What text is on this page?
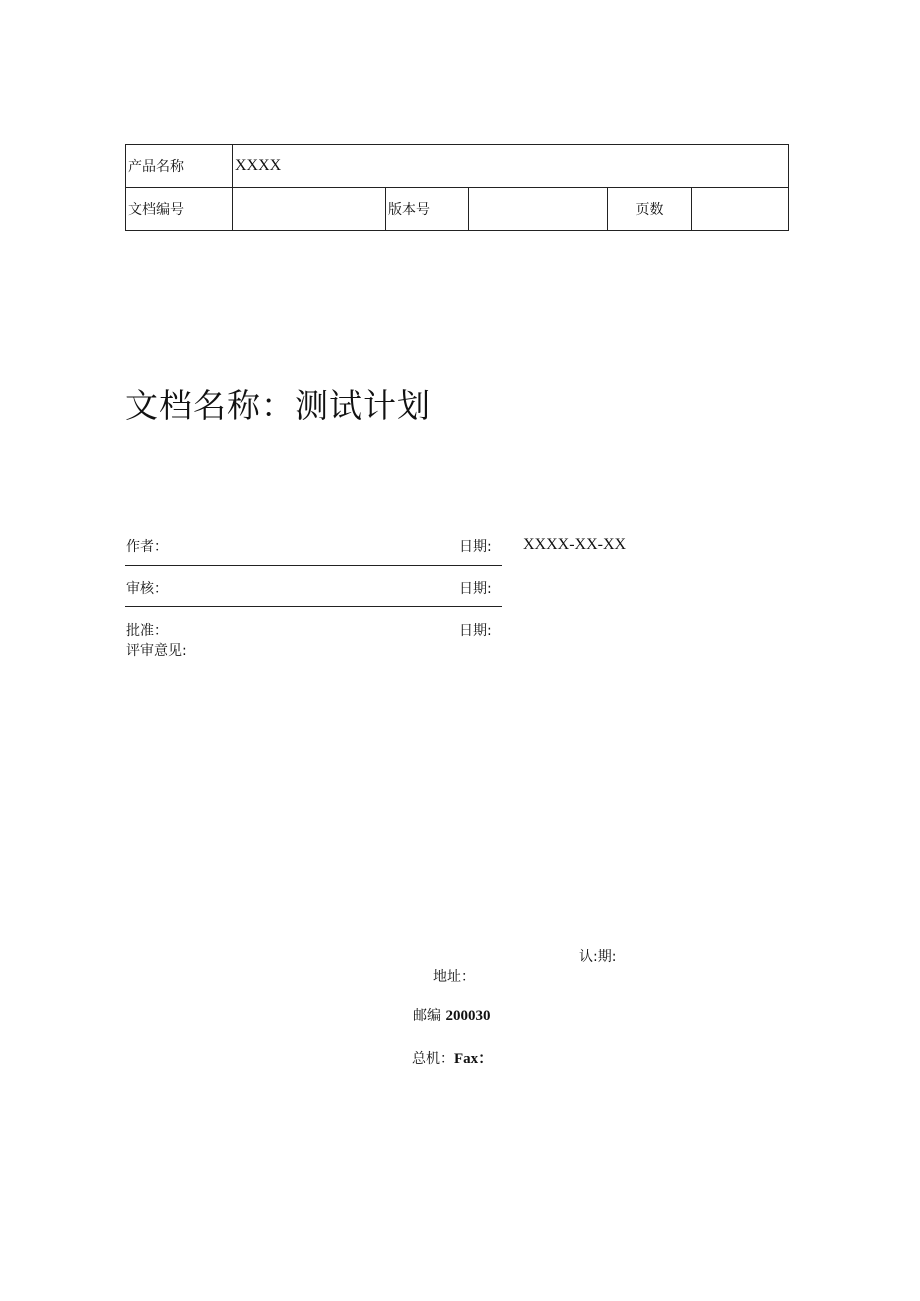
产品名称	XXXX				
文档编号		版本号		页数	
文档名称：测试计划
作者：	日期: XXXX-XX-XX
审核：	日期:
批准：	日期:
评审意见:
认:期:
地址：
邮编 200030
总机：Fax：
